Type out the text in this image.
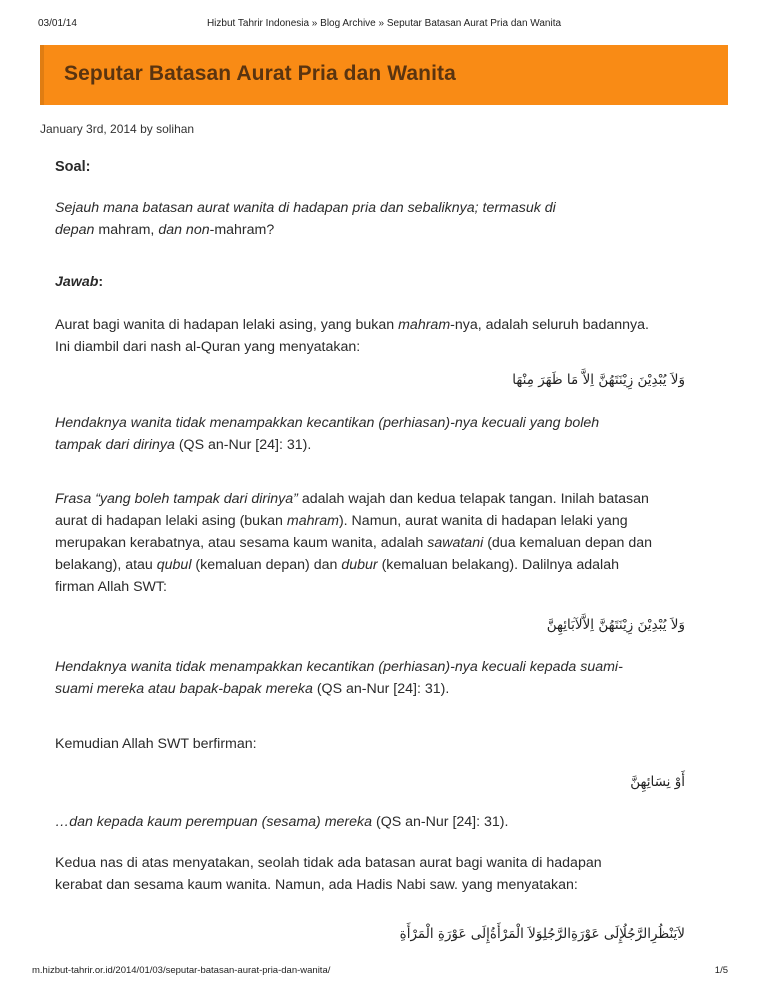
03/01/14	Hizbut Tahrir Indonesia » Blog Archive » Seputar Batasan Aurat Pria dan Wanita
Seputar Batasan Aurat Pria dan Wanita
January 3rd, 2014 by solihan
Soal:
Sejauh mana batasan aurat wanita di hadapan pria dan sebaliknya; termasuk di
depan mahram, dan non-mahram?
Jawab:
Aurat bagi wanita di hadapan lelaki asing, yang bukan mahram-nya, adalah seluruh badannya.
Ini diambil dari nash al-Quran yang menyatakan:
وَلاَ يُبْدِيْنَ زِيْنَتَهُنَّ اِلاَّ مَا ظَهَرَ مِنْهَا
Hendaknya wanita tidak menampakkan kecantikan (perhiasan)-nya kecuali yang boleh
tampak dari dirinya (QS an-Nur [24]: 31).
Frasa “yang boleh tampak dari dirinya” adalah wajah dan kedua telapak tangan. Inilah batasan
aurat di hadapan lelaki asing (bukan mahram). Namun, aurat wanita di hadapan lelaki yang
merupakan kerabatnya, atau sesama kaum wanita, adalah sawatani (dua kemaluan depan dan
belakang), atau qubul (kemaluan depan) dan dubur (kemaluan belakang). Dalilnya adalah
firman Allah SWT:
وَلاَ يُبْدِيْنَ زِيْنَتَهُنَّ اِلاَّلآبَائِهِنَّ
Hendaknya wanita tidak menampakkan kecantikan (perhiasan)-nya kecuali kepada suami-
suami mereka atau bapak-bapak mereka (QS an-Nur [24]: 31).
Kemudian Allah SWT berfirman:
أَوْ نِسَائِهِنَّ
…dan kepada kaum perempuan (sesama) mereka (QS an-Nur [24]: 31).
Kedua nas di atas menyatakan, seolah tidak ada batasan aurat bagi wanita di hadapan
kerabat dan sesama kaum wanita. Namun, ada Hadis Nabi saw. yang menyatakan:
لاَيَنْظُرِالرَّجُلُإِلَى عَوْرَةِالرَّجُلِوَلاَ الْمَرْأَةُإِلَى عَوْرَةِ الْمَرْأَةِ
m.hizbut-tahrir.or.id/2014/01/03/seputar-batasan-aurat-pria-dan-wanita/	1/5
